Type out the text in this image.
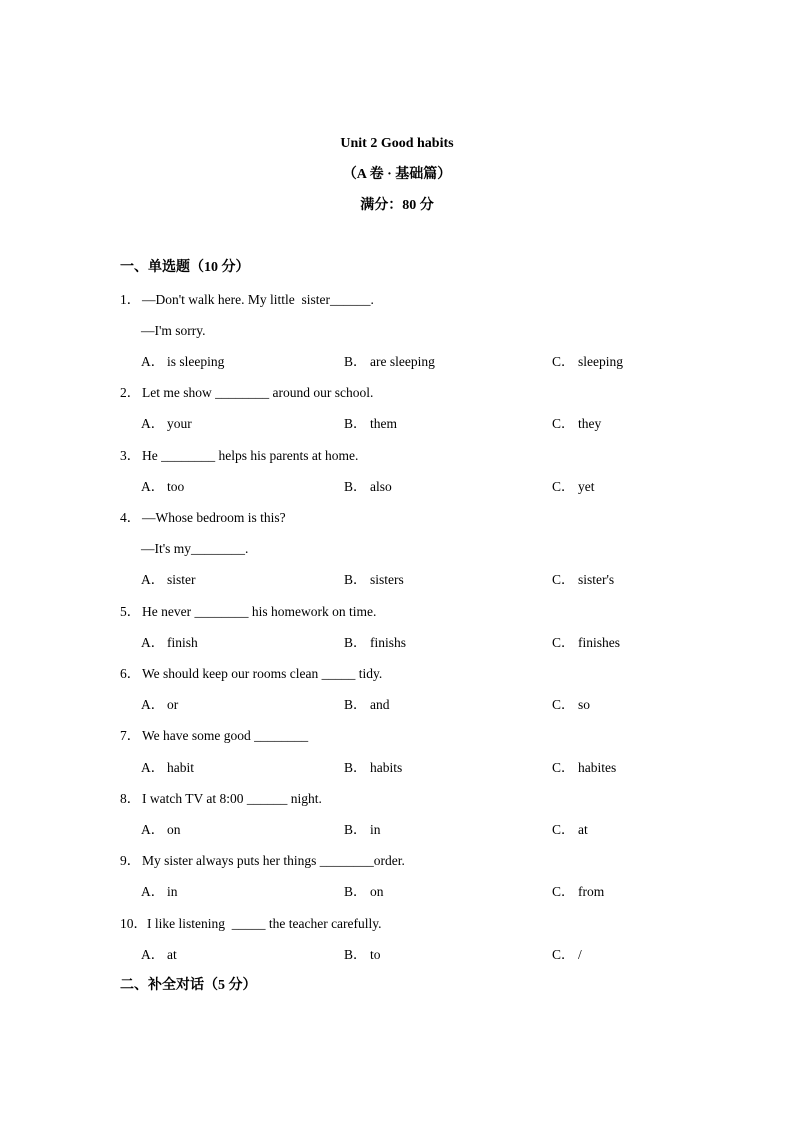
Unit 2 Good habits
（A 卷 · 基础篇）
满分：80 分
一、单选题（10 分）
1． —Don't walk here. My little  sister______.
—I'm sorry.
A． is sleeping	B． are sleeping	C． sleeping
2． Let me show ________ around our school.
A． your	B． them	C． they
3． He ________ helps his parents at home.
A． too	B． also	C． yet
4． —Whose bedroom is this?
—It's my________.
A． sister	B． sisters	C． sister's
5． He never ________ his homework on time.
A． finish	B． finishs	C． finishes
6． We should keep our rooms clean _____ tidy.
A． or	B． and	C． so
7． We have some good ________
A． habit	B． habits	C． habites
8． I watch TV at 8:00 ______ night.
A． on	B． in	C． at
9． My sister always puts her things ________order.
A． in	B． on	C． from
10．I like listening  _____ the teacher carefully.
A． at	B． to	C． /
二、补全对话（5 分）
